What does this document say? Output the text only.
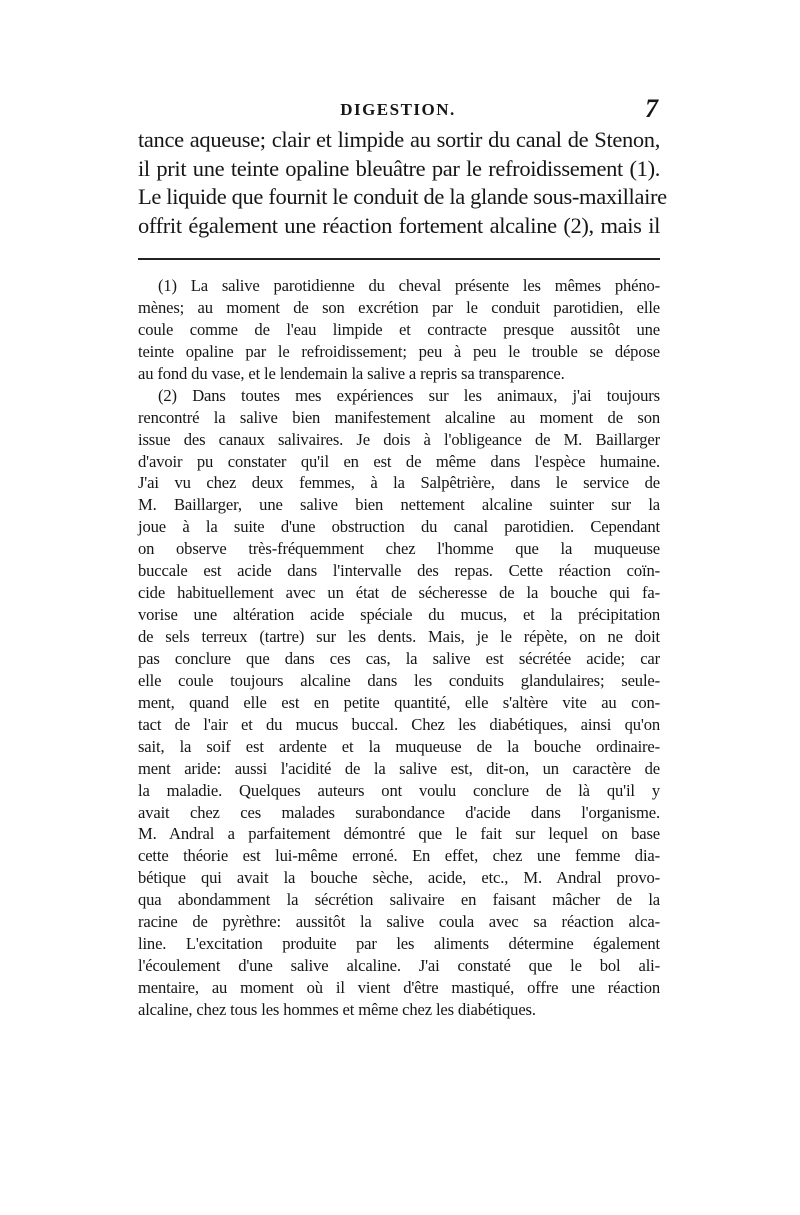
DIGESTION.	7
tance aqueuse; clair et limpide au sortir du canal de Stenon,
il prit une teinte opaline bleuâtre par le refroidissement (1).
Le liquide que fournit le conduit de la glande sous-maxillaire
offrit également une réaction fortement alcaline (2), mais il
(1) La salive parotidienne du cheval présente les mêmes phéno-
mènes; au moment de son excrétion par le conduit parotidien, elle
coule comme de l'eau limpide et contracte presque aussitôt une
teinte opaline par le refroidissement; peu à peu le trouble se dépose
au fond du vase, et le lendemain la salive a repris sa transparence.
(2) Dans toutes mes expériences sur les animaux, j'ai toujours
rencontré la salive bien manifestement alcaline au moment de son
issue des canaux salivaires. Je dois à l'obligeance de M. Baillarger
d'avoir pu constater qu'il en est de même dans l'espèce humaine.
J'ai vu chez deux femmes, à la Salpêtrière, dans le service de
M. Baillarger, une salive bien nettement alcaline suinter sur la
joue à la suite d'une obstruction du canal parotidien. Cependant
on observe très-fréquemment chez l'homme que la muqueuse
buccale est acide dans l'intervalle des repas. Cette réaction coïn-
cide habituellement avec un état de sécheresse de la bouche qui fa-
vorise une altération acide spéciale du mucus, et la précipitation
de sels terreux (tartre) sur les dents. Mais, je le répète, on ne doit
pas conclure que dans ces cas, la salive est sécrétée acide; car
elle coule toujours alcaline dans les conduits glandulaires; seule-
ment, quand elle est en petite quantité, elle s'altère vite au con-
tact de l'air et du mucus buccal. Chez les diabétiques, ainsi qu'on
sait, la soif est ardente et la muqueuse de la bouche ordinaire-
ment aride: aussi l'acidité de la salive est, dit-on, un caractère de
la maladie. Quelques auteurs ont voulu conclure de là qu'il y
avait chez ces malades surabondance d'acide dans l'organisme.
M. Andral a parfaitement démontré que le fait sur lequel on base
cette théorie est lui-même erroné. En effet, chez une femme dia-
bétique qui avait la bouche sèche, acide, etc., M. Andral provo-
qua abondamment la sécrétion salivaire en faisant mâcher de la
racine de pyrèthre: aussitôt la salive coula avec sa réaction alca-
line. L'excitation produite par les aliments détermine également
l'écoulement d'une salive alcaline. J'ai constaté que le bol ali-
mentaire, au moment où il vient d'être mastiqué, offre une réaction
alcaline, chez tous les hommes et même chez les diabétiques.
